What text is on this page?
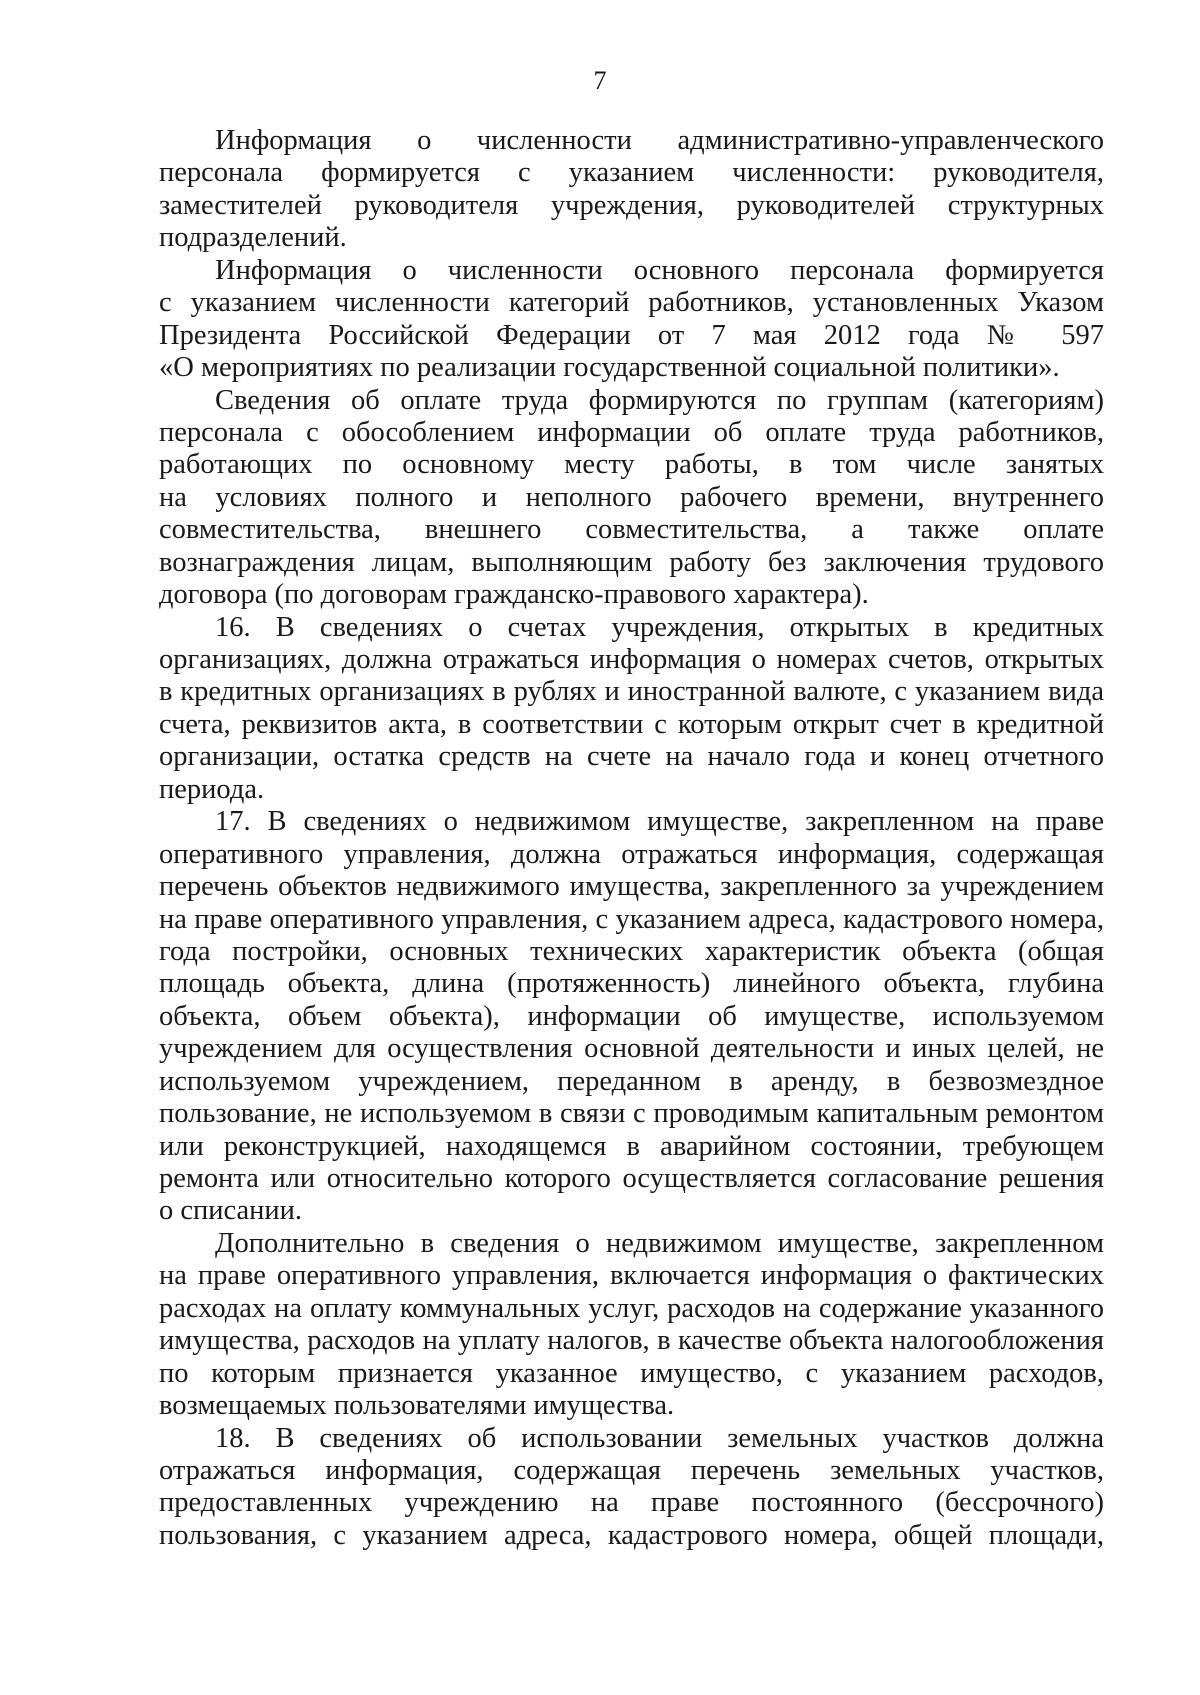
7
Информация о численности административно-управленческого
персонала формируется с указанием численности: руководителя,
заместителей руководителя учреждения, руководителей структурных
подразделений.
Информация о численности основного персонала формируется
с указанием численности категорий работников, установленных Указом
Президента Российской Федерации от 7 мая 2012 года № 597
«О мероприятиях по реализации государственной социальной политики».
Сведения об оплате труда формируются по группам (категориям)
персонала с обособлением информации об оплате труда работников,
работающих по основному месту работы, в том числе занятых
на условиях полного и неполного рабочего времени, внутреннего
совместительства, внешнего совместительства, а также оплате
вознаграждения лицам, выполняющим работу без заключения трудового
договора (по договорам гражданско-правового характера).
16. В сведениях о счетах учреждения, открытых в кредитных
организациях, должна отражаться информация о номерах счетов, открытых
в кредитных организациях в рублях и иностранной валюте, с указанием вида
счета, реквизитов акта, в соответствии с которым открыт счет в кредитной
организации, остатка средств на счете на начало года и конец отчетного
периода.
17. В сведениях о недвижимом имуществе, закрепленном на праве
оперативного управления, должна отражаться информация, содержащая
перечень объектов недвижимого имущества, закрепленного за учреждением
на праве оперативного управления, с указанием адреса, кадастрового номера,
года постройки, основных технических характеристик объекта (общая
площадь объекта, длина (протяженность) линейного объекта, глубина
объекта, объем объекта), информации об имуществе, используемом
учреждением для осуществления основной деятельности и иных целей, не
используемом учреждением, переданном в аренду, в безвозмездное
пользование, не используемом в связи с проводимым капитальным ремонтом
или реконструкцией, находящемся в аварийном состоянии, требующем
ремонта или относительно которого осуществляется согласование решения
о списании.
Дополнительно в сведения о недвижимом имуществе, закрепленном
на праве оперативного управления, включается информация о фактических
расходах на оплату коммунальных услуг, расходов на содержание указанного
имущества, расходов на уплату налогов, в качестве объекта налогообложения
по которым признается указанное имущество, с указанием расходов,
возмещаемых пользователями имущества.
18. В сведениях об использовании земельных участков должна
отражаться информация, содержащая перечень земельных участков,
предоставленных учреждению на праве постоянного (бессрочного)
пользования, с указанием адреса, кадастрового номера, общей площади,
